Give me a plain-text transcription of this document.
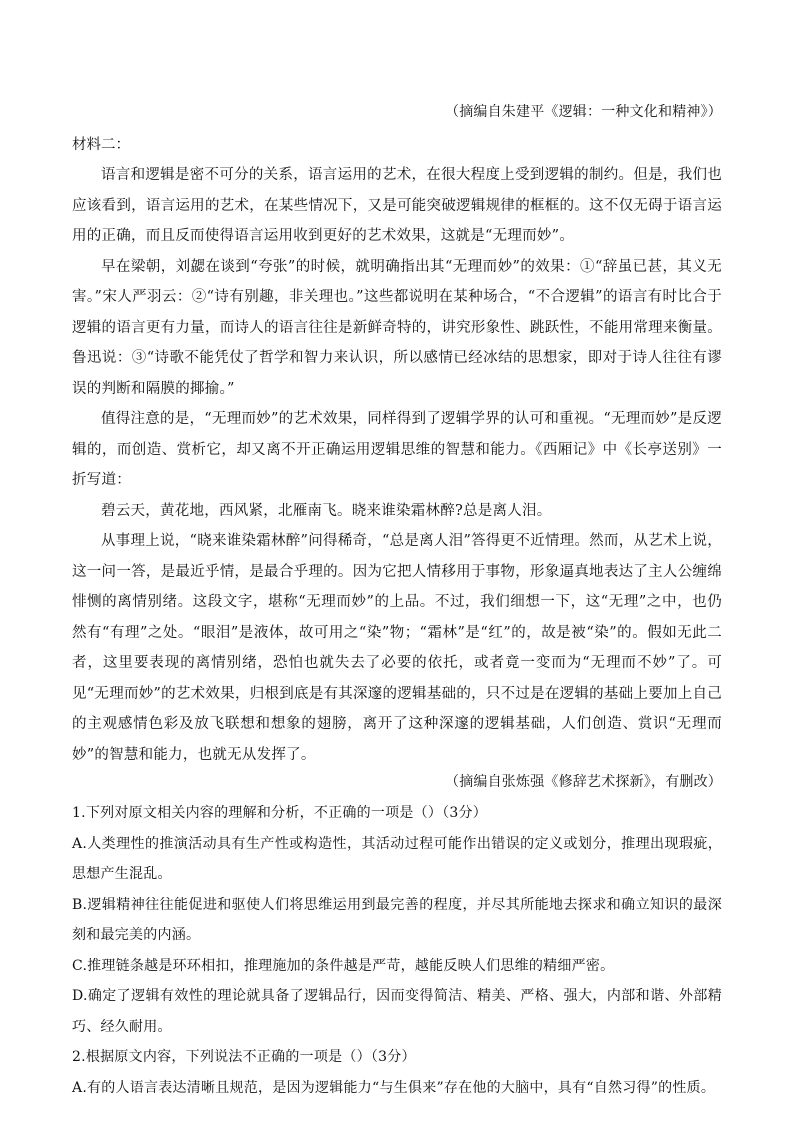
（摘编自朱建平《逻辑：一种文化和精神》）

材料二：

语言和逻辑是密不可分的关系，语言运用的艺术，在很大程度上受到逻辑的制约。但是，我们也应该看到，语言运用的艺术，在某些情况下，又是可能突破逻辑规律的框框的。这不仅无碍于语言运用的正确，而且反而使得语言运用收到更好的艺术效果，这就是“无理而妙”。

早在梁朝，刘勰在谈到“夸张”的时候，就明确指出其“无理而妙”的效果：①“辞虽已甚，其义无害。”宋人严羽云：②“诗有别趣，非关理也。”这些都说明在某种场合，“不合逻辑”的语言有时比合于逻辑的语言更有力量，而诗人的语言往往是新鲜奇特的，讲究形象性、跳跃性，不能用常理来衡量。鲁迅说：③“诗歌不能凭仗了哲学和智力来认识，所以感情已经冰结的思想家，即对于诗人往往有谬误的判断和隔膜的揶揄。”

值得注意的是，“无理而妙”的艺术效果，同样得到了逻辑学界的认可和重视。“无理而妙”是反逻辑的，而创造、赏析它，却又离不开正确运用逻辑思维的智慧和能力。《西厢记》中《长亭送别》一折写道：

碧云天，黄花地，西风紧，北雁南飞。晓来谁染霜林醉?总是离人泪。

从事理上说，“晓来谁染霜林醉”问得稀奇，“总是离人泪”答得更不近情理。然而，从艺术上说，这一问一答，是最近乎情，是最合乎理的。因为它把人情移用于事物，形象逼真地表达了主人公缠绵悱恻的离情别绪。这段文字，堪称“无理而妙”的上品。不过，我们细想一下，这“无理”之中，也仍然有“有理”之处。“眼泪”是液体，故可用之“染”物；“霜林”是“红”的，故是被“染”的。假如无此二者，这里要表现的离情别绪，恐怕也就失去了必要的依托，或者竟一变而为“无理而不妙”了。可见“无理而妙”的艺术效果，归根到底是有其深邃的逻辑基础的，只不过是在逻辑的基础上要加上自己的主观感情色彩及放飞联想和想象的翅膀，离开了这种深邃的逻辑基础，人们创造、赏识“无理而妙”的智慧和能力，也就无从发挥了。

（摘编自张炼强《修辞艺术探新》，有删改）

1.下列对原文相关内容的理解和分析，不正确的一项是（）（3分）

A.人类理性的推演活动具有生产性或构造性，其活动过程可能作出错误的定义或划分，推理出现瑕疵，思想产生混乱。

B.逻辑精神往往能促进和驱使人们将思维运用到最完善的程度，并尽其所能地去探求和确立知识的最深刻和最完美的内涵。

C.推理链条越是环环相扣，推理施加的条件越是严苛，越能反映人们思维的精细严密。

D.确定了逻辑有效性的理论就具备了逻辑品行，因而变得简洁、精美、严格、强大，内部和谐、外部精巧、经久耐用。

2.根据原文内容，下列说法不正确的一项是（）（3分）

A.有的人语言表达清晰且规范，是因为逻辑能力“与生俱来”存在他的大脑中，具有“自然习得”的性质。
